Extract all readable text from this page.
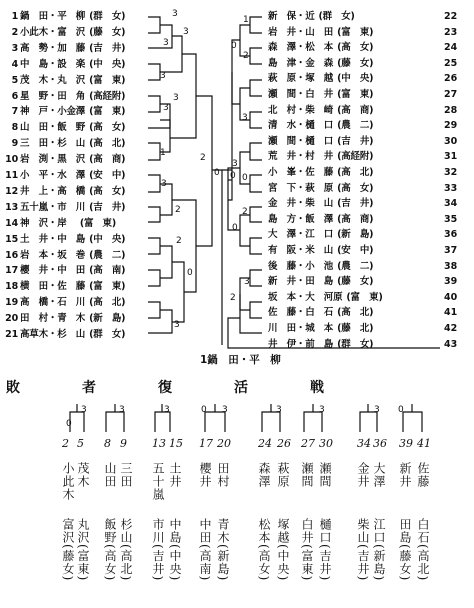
1 鍋　田・平　柳 (群　女)
2 小此木・富　沢 (藤　女)
3 高　勢・加　藤 (吉　井)
4 中　島・設　楽 (中　央)
5 茂　木・丸　沢 (富　東)
6 星　野・田　角 (高経附)
7 神　戸・小金澤 (富　東)
8 山　田・飯　野 (高　女)
9 三　田・杉　山 (高　北)
10 岩　渕・黒　沢 (高　商)
11 小　平・水　澤 (安　中)
12 井　上・高　橋 (高　女)
13 五十嵐・市　川 (吉　井)
14 神　沢・岸　(富　東)
15 土　井・中　島 (中　央)
16 岩　本・坂　巻 (農　二)
17 櫻　井・中　田 (高　南)
18 横　田・佐　藤 (富　東)
19 高　橋・石　川 (高　北)
20 田　村・青　木 (新　島)
21 高草木・杉　山 (群　女)
新　保・近 (群　女)	22
岩　井・山　田 (富　東)	23
森　澤・松　本 (高　女)	24
島　津・金　森 (藤　女)	25
萩　原・塚　越 (中　央)	26
瀬　間・白　井 (富　東)	27
北　村・柴　崎 (高　商)	28
清　水・樋　口 (農　二)	29
瀬　間・樋　口 (吉　井)	30
荒　井・村　井 (高経附)	31
小　峯・佐　藤 (高　北)	32
宮　下・萩　原 (高　女)	33
金　井・柴　山 (吉　井)	34
島　方・飯　澤 (高　商)	35
大　澤・江　口 (新　島)	36
有　阪・米　山 (安　中)	37
後　藤・小　池 (農　二)	38
新　井・田　島 (藤　女)	39
坂　本・大　河原 (富　東)	40
佐　藤・白　石 (高　北)	41
川　田・城　本 (藤　北)	42
井　伊・前　島 (群　女)	43
3
3
3
3
3
3
1	2
3
2
2
0
3
0
1
2
0
3
3
0
2
0
3
2
0
1鍋　田・平　柳
敗　者　復　活　戦
0
3	3	3	0 3	3	3	3 0
2 5 8 9 13 15 17 20 24 26 27 30 34 36 39 41
小此木 茂木 山田 三田 五十嵐 土井 櫻井 田村 森澤 萩原 瀬間 瀬間 金井 大澤 新井 佐藤
富沢(藤女) 丸沢(富東) 飯野(高女) 杉山(高北) 市川(吉井) 中島(中央) 中田(高南) 青木(新島) 松本(高女) 塚越(中央) 白井(富東) 樋口(吉井) 柴山(吉井) 江口(新島) 田島(藤女) 白石(高北)
